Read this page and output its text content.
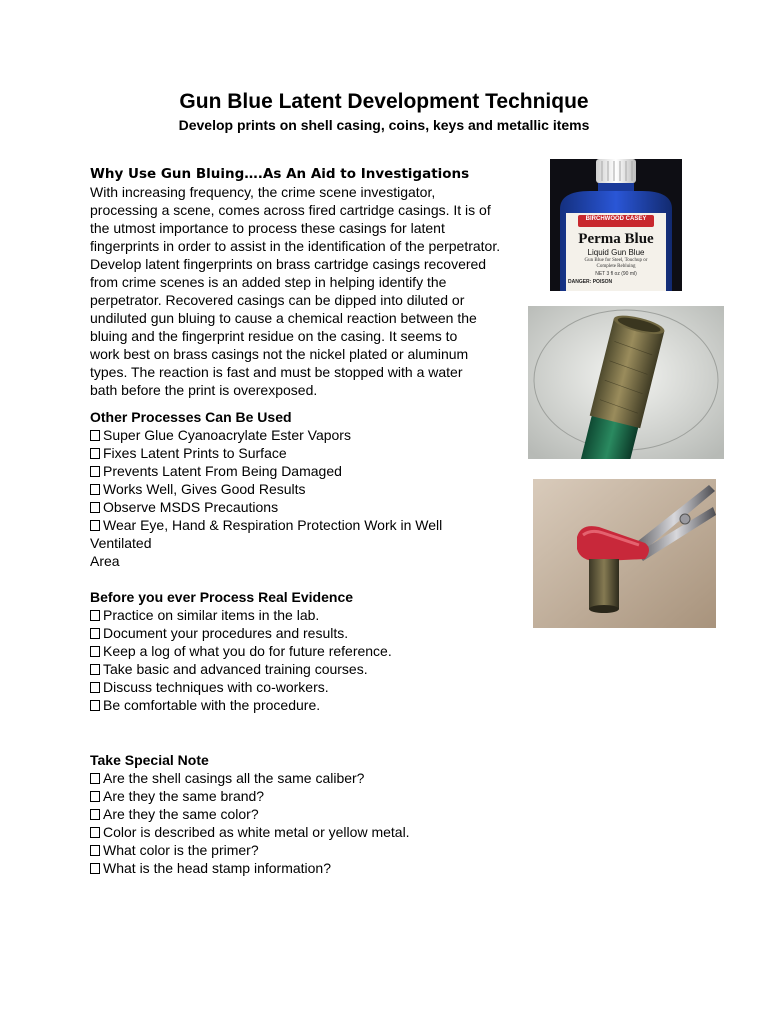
Gun Blue Latent Development Technique
Develop prints on shell casing, coins, keys and metallic items
Why Use Gun Bluing….As An Aid to Investigations
With increasing frequency, the crime scene investigator,
processing a scene, comes across fired cartridge casings. It is of
the utmost importance to process these casings for latent
fingerprints in order to assist in the identification of the perpetrator.
Develop latent fingerprints on brass cartridge casings recovered
from crime scenes is an added step in helping identify the
perpetrator. Recovered casings can be dipped into diluted or
undiluted gun bluing to cause a chemical reaction between the
bluing and the fingerprint residue on the casing. It seems to
work best on brass casings not the nickel plated or aluminum
types. The reaction is fast and must be stopped with a water
bath before the print is overexposed.
Other Processes Can Be Used
Super Glue Cyanoacrylate Ester Vapors
Fixes Latent Prints to Surface
Prevents Latent From Being Damaged
Works Well, Gives Good Results
Observe MSDS Precautions
Wear Eye, Hand & Respiration Protection Work in Well
Ventilated
Area
Before you ever Process Real Evidence
Practice on similar items in the lab.
Document your procedures and results.
Keep a log of what you do for future reference.
Take basic and advanced training courses.
Discuss techniques with co-workers.
Be comfortable with the procedure.
Take Special Note
Are the shell casings all the same caliber?
Are they the same brand?
Are they the same color?
Color is described as white metal or yellow metal.
What color is the primer?
What is the head stamp information?
BIRCHWOOD CASEY
Perma Blue
Liquid Gun Blue
Gun Blue for Steel, Touchup or Complete Rebluing
NET 3 fl oz (90 ml)
DANGER: POISON
